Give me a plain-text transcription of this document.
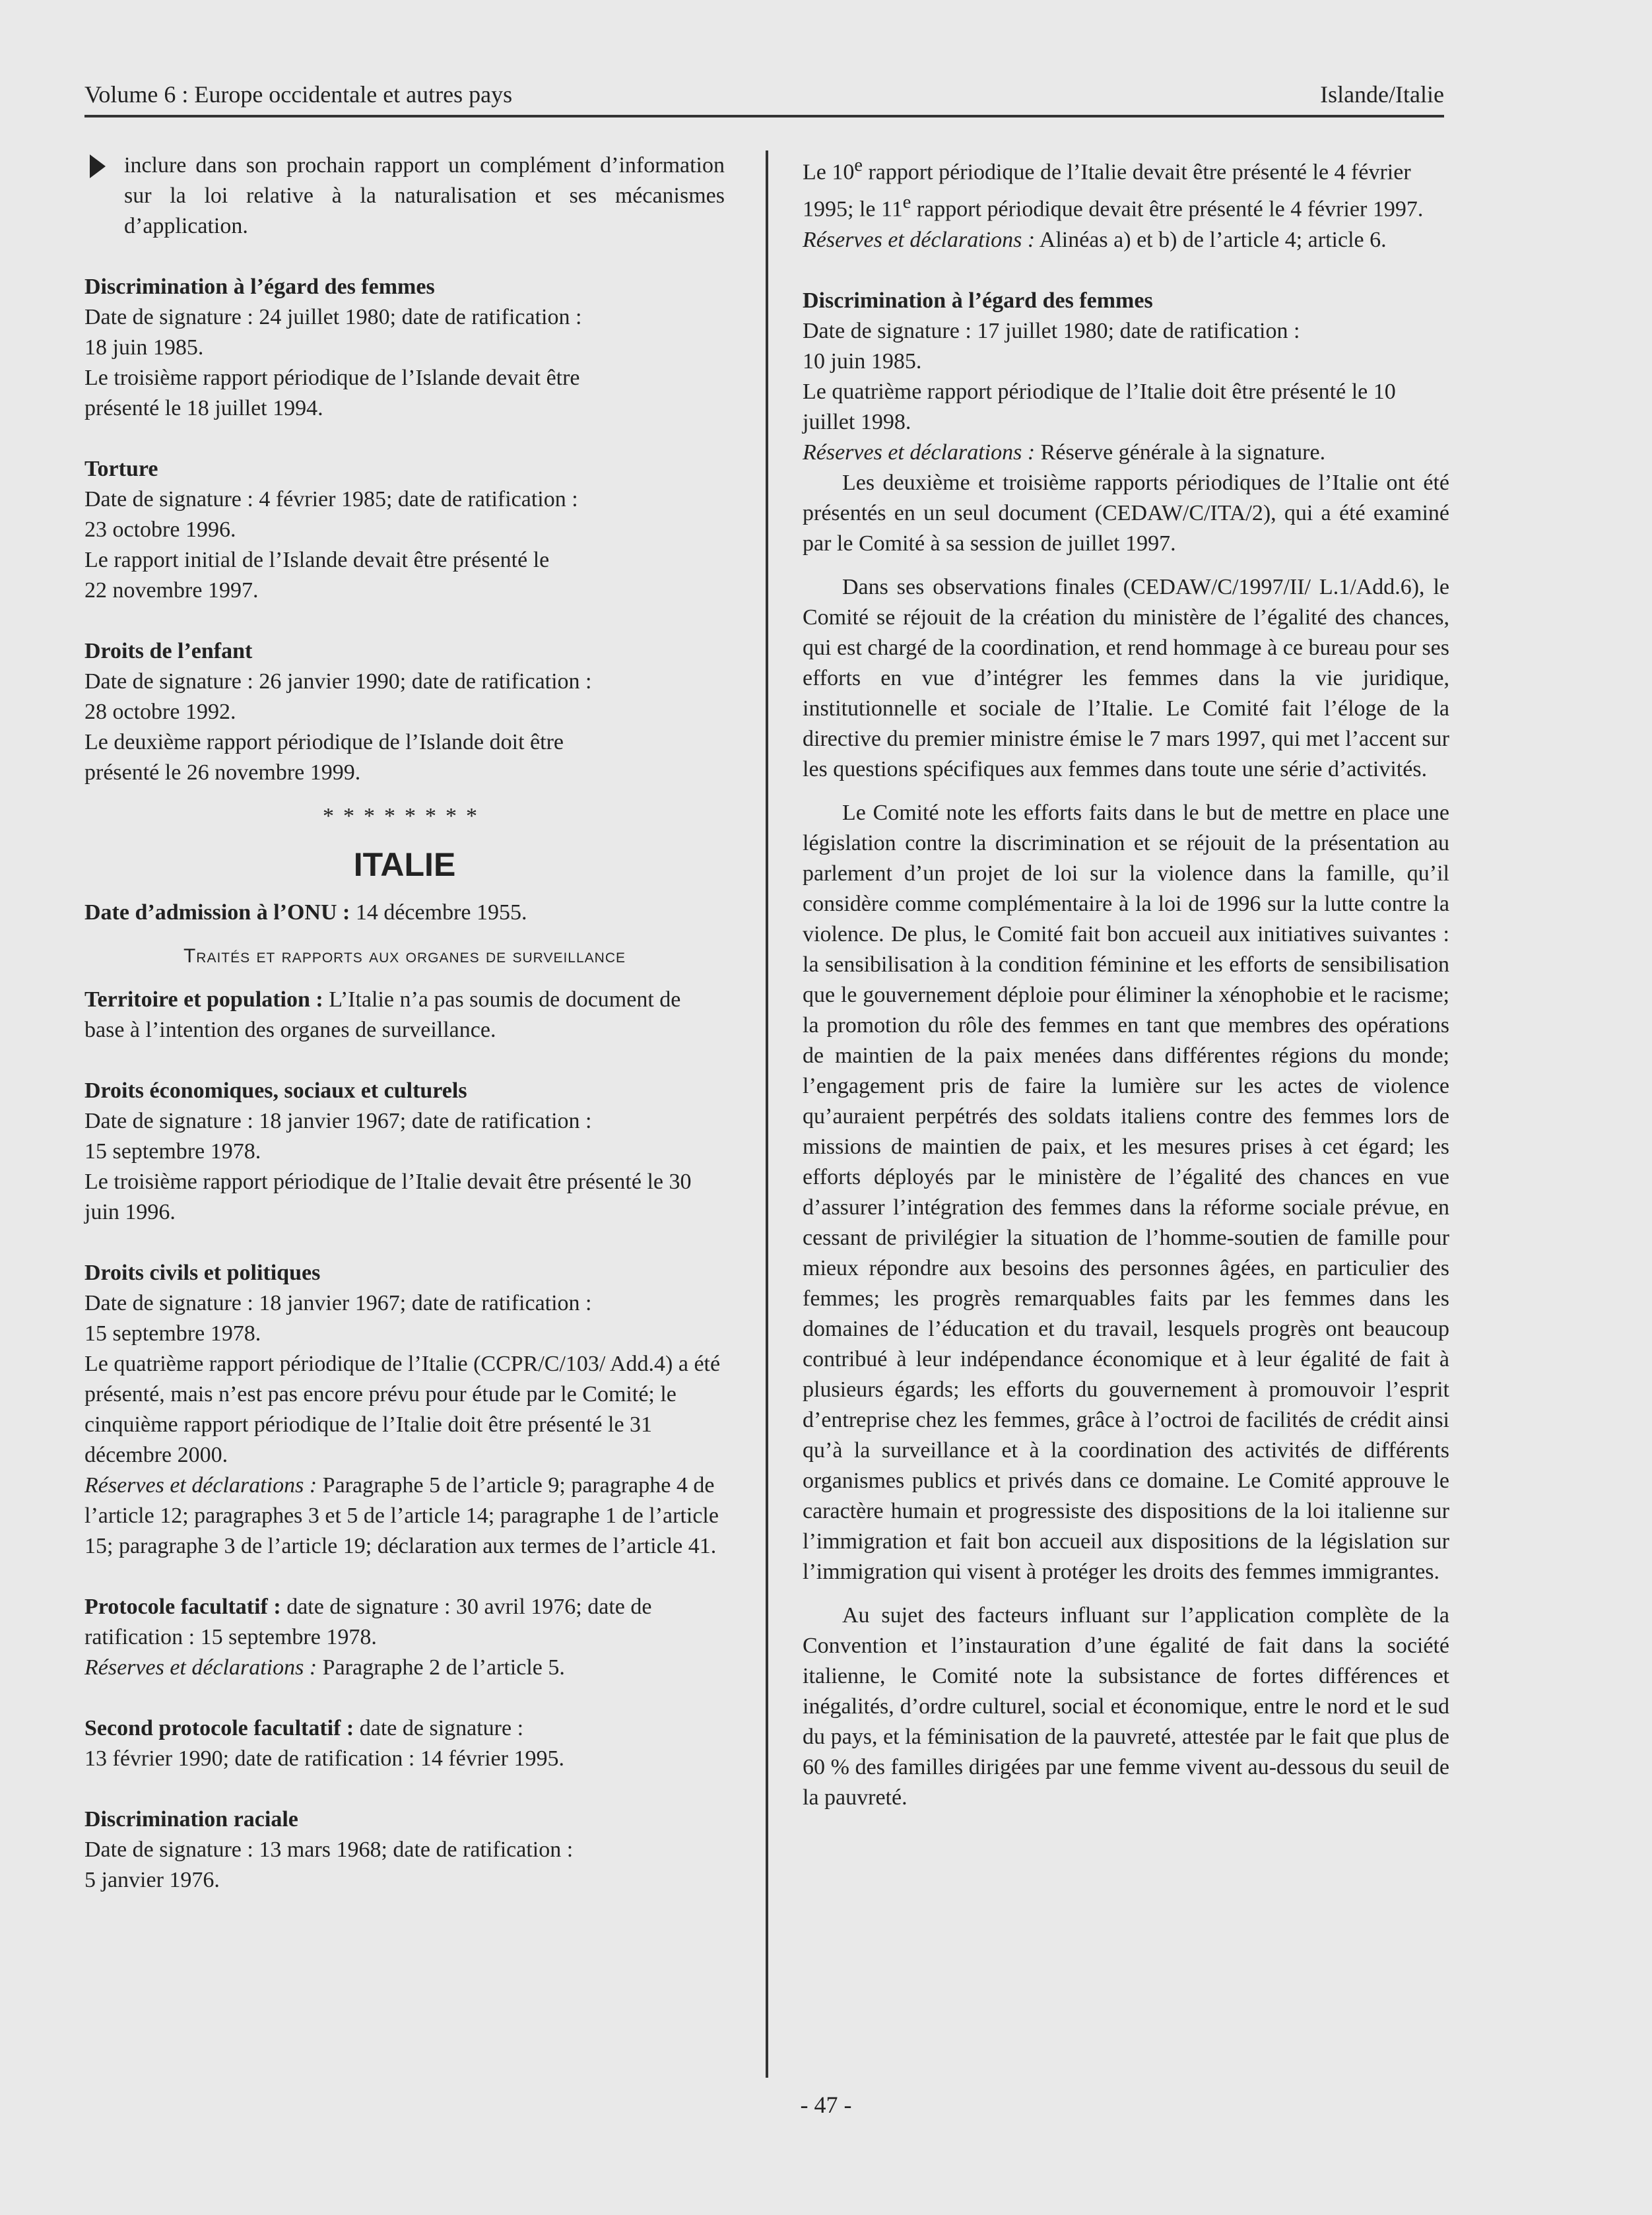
Volume 6 : Europe occidentale et autres pays	Islande/Italie

inclure dans son prochain rapport un complément d’information sur la loi relative à la naturalisation et ses mécanismes d’application.

Discrimination à l’égard des femmes

Date de signature : 24 juillet 1980; date de ratification :

18 juin 1985.

Le troisième rapport périodique de l’Islande devait être

présenté le 18 juillet 1994.

Torture

Date de signature : 4 février 1985; date de ratification :

23 octobre 1996.

Le rapport initial de l’Islande devait être présenté le

22 novembre 1997.

Droits de l’enfant

Date de signature : 26 janvier 1990; date de ratification :

28 octobre 1992.

Le deuxième rapport périodique de l’Islande doit être

présenté le 26 novembre 1999.

********

ITALIE

Date d’admission à l’ONU : 14 décembre 1955.

Traités et rapports aux organes de surveillance

Territoire et population : L’Italie n’a pas soumis de document de base à l’intention des organes de surveillance.

Droits économiques, sociaux et culturels

Date de signature : 18 janvier 1967; date de ratification :

15 septembre 1978.

Le troisième rapport périodique de l’Italie devait être présenté le 30 juin 1996.

Droits civils et politiques

Date de signature : 18 janvier 1967; date de ratification :

15 septembre 1978.

Le quatrième rapport périodique de l’Italie (CCPR/C/103/ Add.4) a été présenté, mais n’est pas encore prévu pour étude par le Comité; le cinquième rapport périodique de l’Italie doit être présenté le 31 décembre 2000.

Réserves et déclarations : Paragraphe 5 de l’article 9; paragraphe 4 de l’article 12; paragraphes 3 et 5 de l’article 14; paragraphe 1 de l’article 15; paragraphe 3 de l’article 19; déclaration aux termes de l’article 41.

Protocole facultatif : date de signature : 30 avril 1976; date de ratification : 15 septembre 1978.

Réserves et déclarations : Paragraphe 2 de l’article 5.

Second protocole facultatif : date de signature :

13 février 1990; date de ratification : 14 février 1995.

Discrimination raciale

Date de signature : 13 mars 1968; date de ratification :

5 janvier 1976.

Le 10e rapport périodique de l’Italie devait être présenté le 4 février 1995; le 11e rapport périodique devait être présenté le 4 février 1997.

Réserves et déclarations : Alinéas a) et b) de l’article 4; article 6.

Discrimination à l’égard des femmes

Date de signature : 17 juillet 1980; date de ratification :

10 juin 1985.

Le quatrième rapport périodique de l’Italie doit être présenté le 10 juillet 1998.

Réserves et déclarations : Réserve générale à la signature.

Les deuxième et troisième rapports périodiques de l’Italie ont été présentés en un seul document (CEDAW/C/ITA/2), qui a été examiné par le Comité à sa session de juillet 1997.

Dans ses observations finales (CEDAW/C/1997/II/ L.1/Add.6), le Comité se réjouit de la création du ministère de l’égalité des chances, qui est chargé de la coordination, et rend hommage à ce bureau pour ses efforts en vue d’intégrer les femmes dans la vie juridique, institutionnelle et sociale de l’Italie. Le Comité fait l’éloge de la directive du premier ministre émise le 7 mars 1997, qui met l’accent sur les questions spécifiques aux femmes dans toute une série d’activités.

Le Comité note les efforts faits dans le but de mettre en place une législation contre la discrimination et se réjouit de la présentation au parlement d’un projet de loi sur la violence dans la famille, qu’il considère comme complémentaire à la loi de 1996 sur la lutte contre la violence. De plus, le Comité fait bon accueil aux initiatives suivantes : la sensibilisation à la condition féminine et les efforts de sensibilisation que le gouvernement déploie pour éliminer la xénophobie et le racisme; la promotion du rôle des femmes en tant que membres des opérations de maintien de la paix menées dans différentes régions du monde; l’engagement pris de faire la lumière sur les actes de violence qu’auraient perpétrés des soldats italiens contre des femmes lors de missions de maintien de paix, et les mesures prises à cet égard; les efforts déployés par le ministère de l’égalité des chances en vue d’assurer l’intégration des femmes dans la réforme sociale prévue, en cessant de privilégier la situation de l’homme-soutien de famille pour mieux répondre aux besoins des personnes âgées, en particulier des femmes; les progrès remarquables faits par les femmes dans les domaines de l’éducation et du travail, lesquels progrès ont beaucoup contribué à leur indépendance économique et à leur égalité de fait à plusieurs égards; les efforts du gouvernement à promouvoir l’esprit d’entreprise chez les femmes, grâce à l’octroi de facilités de crédit ainsi qu’à la surveillance et à la coordination des activités de différents organismes publics et privés dans ce domaine. Le Comité approuve le caractère humain et progressiste des dispositions de la loi italienne sur l’immigration et fait bon accueil aux dispositions de la législation sur l’immigration qui visent à protéger les droits des femmes immigrantes.

Au sujet des facteurs influant sur l’application complète de la Convention et l’instauration d’une égalité de fait dans la société italienne, le Comité note la subsistance de fortes différences et inégalités, d’ordre culturel, social et économique, entre le nord et le sud du pays, et la féminisation de la pauvreté, attestée par le fait que plus de 60 % des familles dirigées par une femme vivent au-dessous du seuil de la pauvreté.

- 47 -
